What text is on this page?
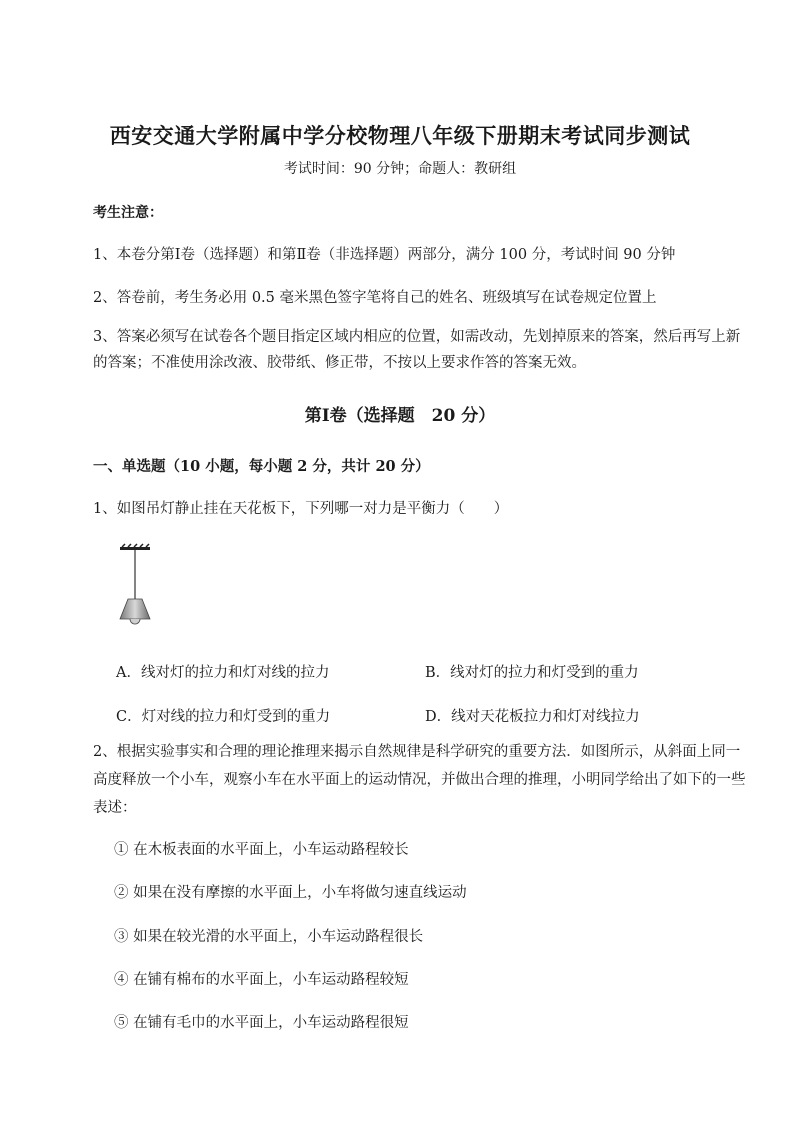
西安交通大学附属中学分校物理八年级下册期末考试同步测试
考试时间：90 分钟；命题人：教研组
考生注意：
1、本卷分第Ⅰ卷（选择题）和第Ⅱ卷（非选择题）两部分，满分 100 分，考试时间 90 分钟
2、答卷前，考生务必用 0.5 毫米黑色签字笔将自己的姓名、班级填写在试卷规定位置上
3、答案必须写在试卷各个题目指定区域内相应的位置，如需改动，先划掉原来的答案，然后再写上新的答案；不准使用涂改液、胶带纸、修正带，不按以上要求作答的答案无效。
第Ⅰ卷（选择题　20 分）
一、单选题（10 小题，每小题 2 分，共计 20 分）
1、如图吊灯静止挂在天花板下，下列哪一对力是平衡力（　　）
A．线对灯的拉力和灯对线的拉力	B．线对灯的拉力和灯受到的重力
C．灯对线的拉力和灯受到的重力	D．线对天花板拉力和灯对线拉力
2、根据实验事实和合理的理论推理来揭示自然规律是科学研究的重要方法．如图所示，从斜面上同一高度释放一个小车，观察小车在水平面上的运动情况，并做出合理的推理，小明同学给出了如下的一些表述：
① 在木板表面的水平面上，小车运动路程较长
② 如果在没有摩擦的水平面上，小车将做匀速直线运动
③ 如果在较光滑的水平面上，小车运动路程很长
④ 在铺有棉布的水平面上，小车运动路程较短
⑤ 在铺有毛巾的水平面上，小车运动路程很短
